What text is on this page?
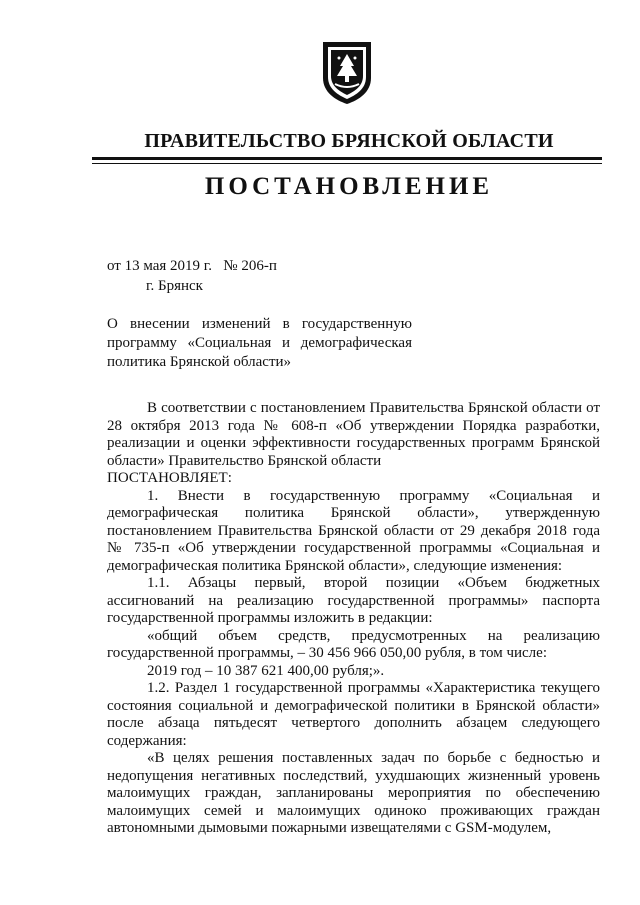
ПРАВИТЕЛЬСТВО БРЯНСКОЙ ОБЛАСТИ
ПОСТАНОВЛЕНИЕ
от 13 мая 2019 г.   № 206-п
г. Брянск
О внесении изменений в государственную программу «Социальная и демографическая политика Брянской области»

В соответствии с постановлением Правительства Брянской области от 28 октября 2013 года № 608-п «Об утверждении Порядка разработки, реализации и оценки эффективности государственных программ Брянской области» Правительство Брянской области

ПОСТАНОВЛЯЕТ:

1. Внести в государственную программу «Социальная и демографическая политика Брянской области», утвержденную постановлением Правительства Брянской области от 29 декабря 2018 года № 735-п «Об утверждении государственной программы «Социальная и демографическая политика Брянской области», следующие изменения:

1.1. Абзацы первый, второй позиции «Объем бюджетных ассигнований на реализацию государственной программы» паспорта государственной программы изложить в редакции:

«общий объем средств, предусмотренных на реализацию государственной программы, – 30 456 966 050,00 рубля, в том числе:

2019 год – 10 387 621 400,00 рубля;».

1.2. Раздел 1 государственной программы «Характеристика текущего состояния социальной и демографической политики в Брянской области» после абзаца пятьдесят четвертого дополнить абзацем следующего содержания:

«В целях решения поставленных задач по борьбе с бедностью и недопущения негативных последствий, ухудшающих жизненный уровень малоимущих граждан, запланированы мероприятия по обеспечению малоимущих семей и малоимущих одиноко проживающих граждан автономными дымовыми пожарными извещателями с GSM-модулем,
